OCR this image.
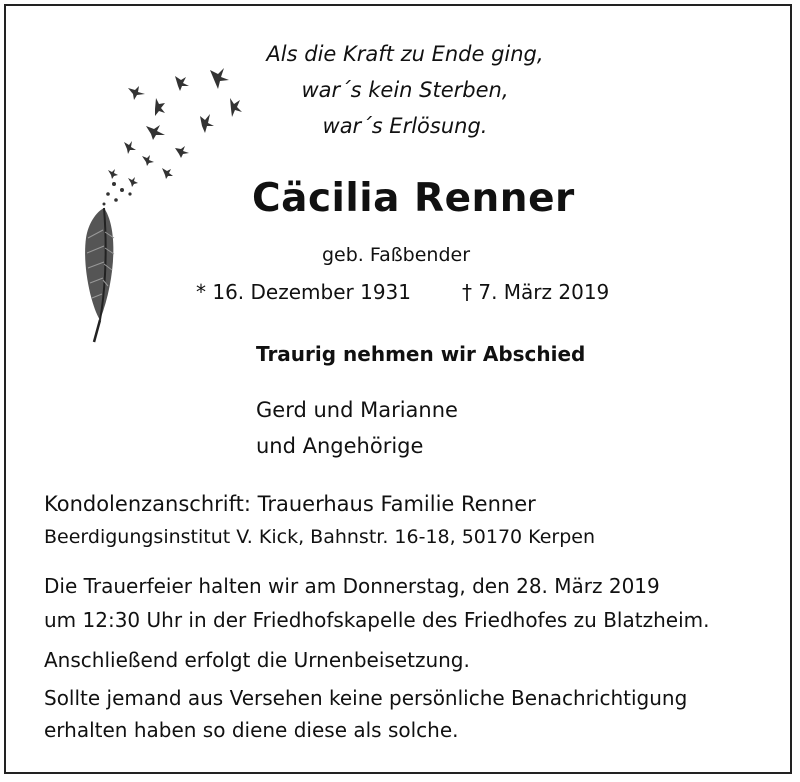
Als die Kraft zu Ende ging,
war´s kein Sterben,
war´s Erlösung.
Cäcilia Renner
geb. Faßbender
* 16. Dezember 1931	† 7. März 2019
Traurig nehmen wir Abschied
Gerd und Marianne
und Angehörige
Kondolenzanschrift: Trauerhaus Familie Renner
Beerdigungsinstitut V. Kick, Bahnstr. 16-18, 50170 Kerpen
Die Trauerfeier halten wir am Donnerstag, den 28. März 2019
um 12:30 Uhr in der Friedhofskapelle des Friedhofes zu Blatzheim.
Anschließend erfolgt die Urnenbeisetzung.
Sollte jemand aus Versehen keine persönliche Benachrichtigung
erhalten haben so diene diese als solche.
